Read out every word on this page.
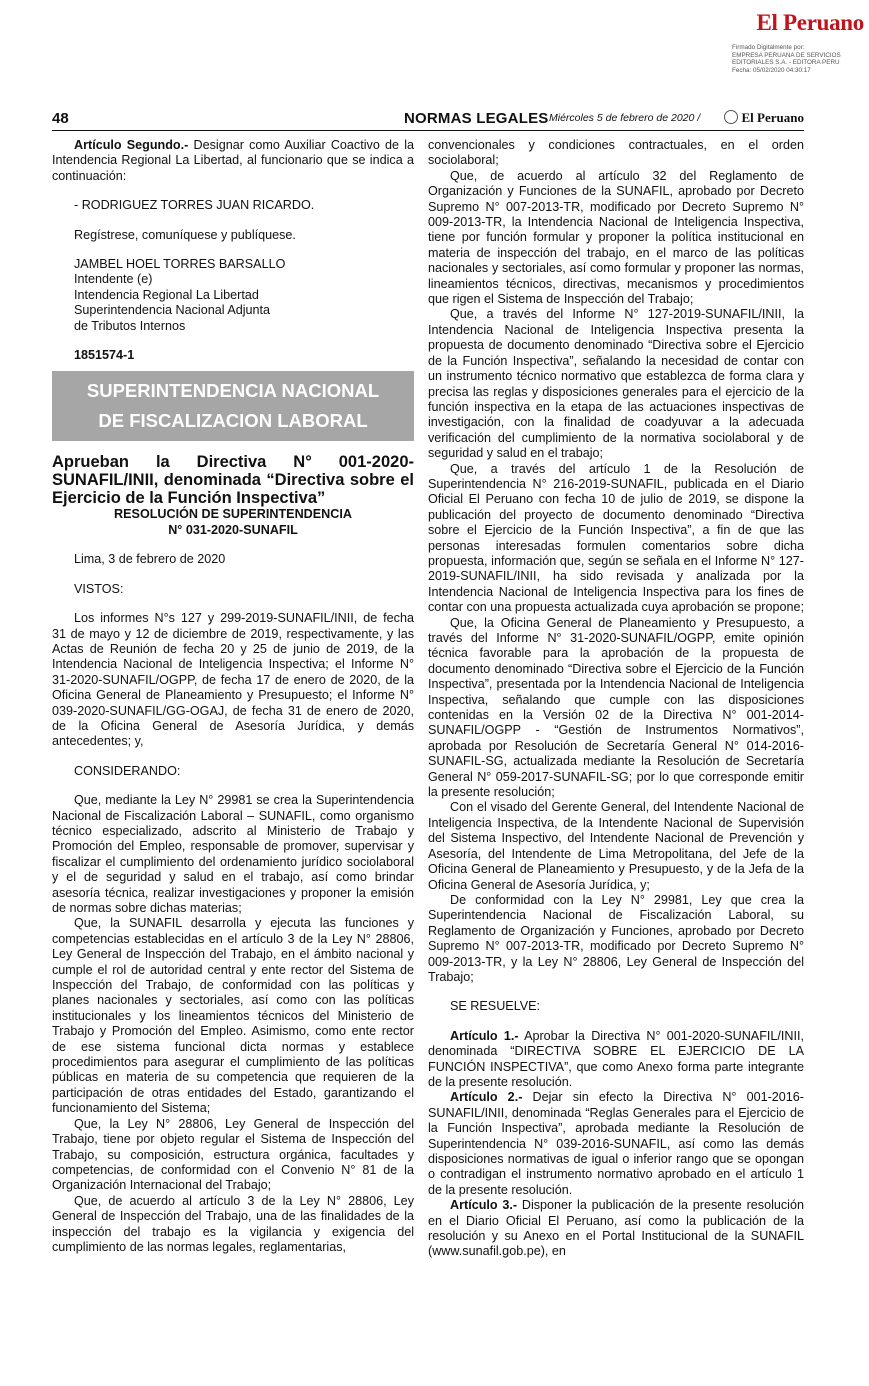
El Peruano
Firmado Digitalmente por:
EMPRESA PERUANA DE SERVICIOS
EDITORIALES S.A. - EDITORA PERU
Fecha: 05/02/2020 04:30:17
48	NORMAS LEGALES Miércoles 5 de febrero de 2020 /	El Peruano

Artículo Segundo.- Designar como Auxiliar Coactivo de la Intendencia Regional La Libertad, al funcionario que se indica a continuación:

- RODRIGUEZ TORRES JUAN RICARDO.

Regístrese, comuníquese y publíquese.

JAMBEL HOEL TORRES BARSALLO
Intendente (e)
Intendencia Regional La Libertad
Superintendencia Nacional Adjunta
de Tributos Internos

1851574-1

SUPERINTENDENCIA NACIONAL
DE FISCALIZACION LABORAL

Aprueban la Directiva N° 001-2020-SUNAFIL/INII, denominada “Directiva sobre el Ejercicio de la Función Inspectiva”

RESOLUCIÓN DE SUPERINTENDENCIA
N° 031-2020-SUNAFIL

Lima, 3 de febrero de 2020

VISTOS:

Los informes N°s 127 y 299-2019-SUNAFIL/INII, de fecha 31 de mayo y 12 de diciembre de 2019, respectivamente, y las Actas de Reunión de fecha 20 y 25 de junio de 2019, de la Intendencia Nacional de Inteligencia Inspectiva; el Informe N° 31-2020-SUNAFIL/OGPP, de fecha 17 de enero de 2020, de la Oficina General de Planeamiento y Presupuesto; el Informe N° 039-2020-SUNAFIL/GG-OGAJ, de fecha 31 de enero de 2020, de la Oficina General de Asesoría Jurídica, y demás antecedentes; y,

CONSIDERANDO:

Que, mediante la Ley N° 29981 se crea la Superintendencia Nacional de Fiscalización Laboral – SUNAFIL, como organismo técnico especializado, adscrito al Ministerio de Trabajo y Promoción del Empleo, responsable de promover, supervisar y fiscalizar el cumplimiento del ordenamiento jurídico sociolaboral y el de seguridad y salud en el trabajo, así como brindar asesoría técnica, realizar investigaciones y proponer la emisión de normas sobre dichas materias;

Que, la SUNAFIL desarrolla y ejecuta las funciones y competencias establecidas en el artículo 3 de la Ley N° 28806, Ley General de Inspección del Trabajo, en el ámbito nacional y cumple el rol de autoridad central y ente rector del Sistema de Inspección del Trabajo, de conformidad con las políticas y planes nacionales y sectoriales, así como con las políticas institucionales y los lineamientos técnicos del Ministerio de Trabajo y Promoción del Empleo. Asimismo, como ente rector de ese sistema funcional dicta normas y establece procedimientos para asegurar el cumplimiento de las políticas públicas en materia de su competencia que requieren de la participación de otras entidades del Estado, garantizando el funcionamiento del Sistema;

Que, la Ley N° 28806, Ley General de Inspección del Trabajo, tiene por objeto regular el Sistema de Inspección del Trabajo, su composición, estructura orgánica, facultades y competencias, de conformidad con el Convenio N° 81 de la Organización Internacional del Trabajo;

Que, de acuerdo al artículo 3 de la Ley N° 28806, Ley General de Inspección del Trabajo, una de las finalidades de la inspección del trabajo es la vigilancia y exigencia del cumplimiento de las normas legales, reglamentarias,

convencionales y condiciones contractuales, en el orden sociolaboral;

Que, de acuerdo al artículo 32 del Reglamento de Organización y Funciones de la SUNAFIL, aprobado por Decreto Supremo N° 007-2013-TR, modificado por Decreto Supremo N° 009-2013-TR, la Intendencia Nacional de Inteligencia Inspectiva, tiene por función formular y proponer la política institucional en materia de inspección del trabajo, en el marco de las políticas nacionales y sectoriales, así como formular y proponer las normas, lineamientos técnicos, directivas, mecanismos y procedimientos que rigen el Sistema de Inspección del Trabajo;

Que, a través del Informe N° 127-2019-SUNAFIL/INII, la Intendencia Nacional de Inteligencia Inspectiva presenta la propuesta de documento denominado “Directiva sobre el Ejercicio de la Función Inspectiva”, señalando la necesidad de contar con un instrumento técnico normativo que establezca de forma clara y precisa las reglas y disposiciones generales para el ejercicio de la función inspectiva en la etapa de las actuaciones inspectivas de investigación, con la finalidad de coadyuvar a la adecuada verificación del cumplimiento de la normativa sociolaboral y de seguridad y salud en el trabajo;

Que, a través del artículo 1 de la Resolución de Superintendencia N° 216-2019-SUNAFIL, publicada en el Diario Oficial El Peruano con fecha 10 de julio de 2019, se dispone la publicación del proyecto de documento denominado “Directiva sobre el Ejercicio de la Función Inspectiva”, a fin de que las personas interesadas formulen comentarios sobre dicha propuesta, información que, según se señala en el Informe N° 127-2019-SUNAFIL/INII, ha sido revisada y analizada por la Intendencia Nacional de Inteligencia Inspectiva para los fines de contar con una propuesta actualizada cuya aprobación se propone;

Que, la Oficina General de Planeamiento y Presupuesto, a través del Informe N° 31-2020-SUNAFIL/OGPP, emite opinión técnica favorable para la aprobación de la propuesta de documento denominado “Directiva sobre el Ejercicio de la Función Inspectiva”, presentada por la Intendencia Nacional de Inteligencia Inspectiva, señalando que cumple con las disposiciones contenidas en la Versión 02 de la Directiva N° 001-2014-SUNAFIL/OGPP - “Gestión de Instrumentos Normativos”, aprobada por Resolución de Secretaría General N° 014-2016-SUNAFIL-SG, actualizada mediante la Resolución de Secretaría General N° 059-2017-SUNAFIL-SG; por lo que corresponde emitir la presente resolución;

Con el visado del Gerente General, del Intendente Nacional de Inteligencia Inspectiva, de la Intendente Nacional de Supervisión del Sistema Inspectivo, del Intendente Nacional de Prevención y Asesoría, del Intendente de Lima Metropolitana, del Jefe de la Oficina General de Planeamiento y Presupuesto, y de la Jefa de la Oficina General de Asesoría Jurídica, y;

De conformidad con la Ley N° 29981, Ley que crea la Superintendencia Nacional de Fiscalización Laboral, su Reglamento de Organización y Funciones, aprobado por Decreto Supremo N° 007-2013-TR, modificado por Decreto Supremo N° 009-2013-TR, y la Ley N° 28806, Ley General de Inspección del Trabajo;

SE RESUELVE:

Artículo 1.- Aprobar la Directiva N° 001-2020-SUNAFIL/INII, denominada “DIRECTIVA SOBRE EL EJERCICIO DE LA FUNCIÓN INSPECTIVA”, que como Anexo forma parte integrante de la presente resolución.

Artículo 2.- Dejar sin efecto la Directiva N° 001-2016-SUNAFIL/INII, denominada “Reglas Generales para el Ejercicio de la Función Inspectiva”, aprobada mediante la Resolución de Superintendencia N° 039-2016-SUNAFIL, así como las demás disposiciones normativas de igual o inferior rango que se opongan o contradigan el instrumento normativo aprobado en el artículo 1 de la presente resolución.

Artículo 3.- Disponer la publicación de la presente resolución en el Diario Oficial El Peruano, así como la publicación de la resolución y su Anexo en el Portal Institucional de la SUNAFIL (www.sunafil.gob.pe), en
